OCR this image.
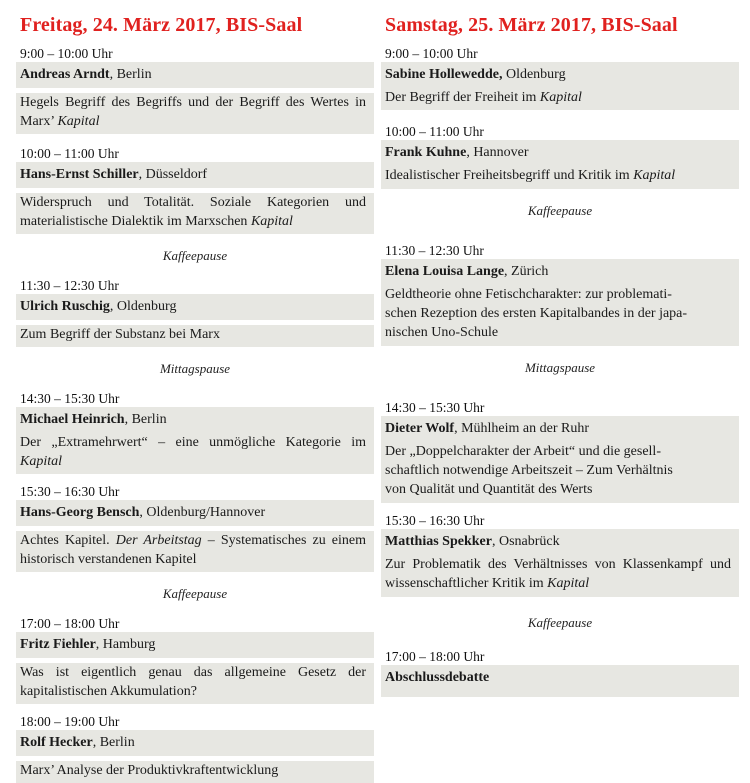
Freitag, 24. März 2017, BIS-Saal
9:00 – 10:00 Uhr
Andreas Arndt, Berlin
Hegels Begriff des Begriffs und der Begriff des Wertes in Marx’ Kapital
10:00 – 11:00 Uhr
Hans-Ernst Schiller, Düsseldorf
Widerspruch und Totalität. Soziale Kategorien und materialistische Dialektik im Marxschen Kapital
Kaffeepause
11:30 – 12:30 Uhr
Ulrich Ruschig, Oldenburg
Zum Begriff der Substanz bei Marx
Mittagspause
14:30 – 15:30 Uhr
Michael Heinrich, Berlin
Der „Extramehrwert“ – eine unmögliche Kategorie im Kapital
15:30 – 16:30 Uhr
Hans-Georg Bensch, Oldenburg/Hannover
Achtes Kapitel. Der Arbeitstag – Systematisches zu einem historisch verstandenen Kapitel
Kaffeepause
17:00 – 18:00 Uhr
Fritz Fiehler, Hamburg
Was ist eigentlich genau das allgemeine Gesetz der kapitalistischen Akkumulation?
18:00 – 19:00 Uhr
Rolf Hecker, Berlin
Marx’ Analyse der Produktivkraftentwicklung
Samstag, 25. März 2017, BIS-Saal
9:00 – 10:00 Uhr
Sabine Hollewedde, Oldenburg
Der Begriff der Freiheit im Kapital
10:00 – 11:00 Uhr
Frank Kuhne, Hannover
Idealistischer Freiheitsbegriff und Kritik im Kapital
Kaffeepause
11:30 – 12:30 Uhr
Elena Louisa Lange, Zürich
Geldtheorie ohne Fetischcharakter: zur problemati-
schen Rezeption des ersten Kapitalbandes in der japa-
nischen Uno-Schule
Mittagspause
14:30 – 15:30 Uhr
Dieter Wolf, Mühlheim an der Ruhr
Der „Doppelcharakter der Arbeit“ und die gesell-
schaftlich notwendige Arbeitszeit – Zum Verhältnis
von Qualität und Quantität des Werts
15:30 – 16:30 Uhr
Matthias Spekker, Osnabrück
Zur Problematik des Verhältnisses von Klassenkampf und wissenschaftlicher Kritik im Kapital
Kaffeepause
17:00 – 18:00 Uhr
Abschlussdebatte
